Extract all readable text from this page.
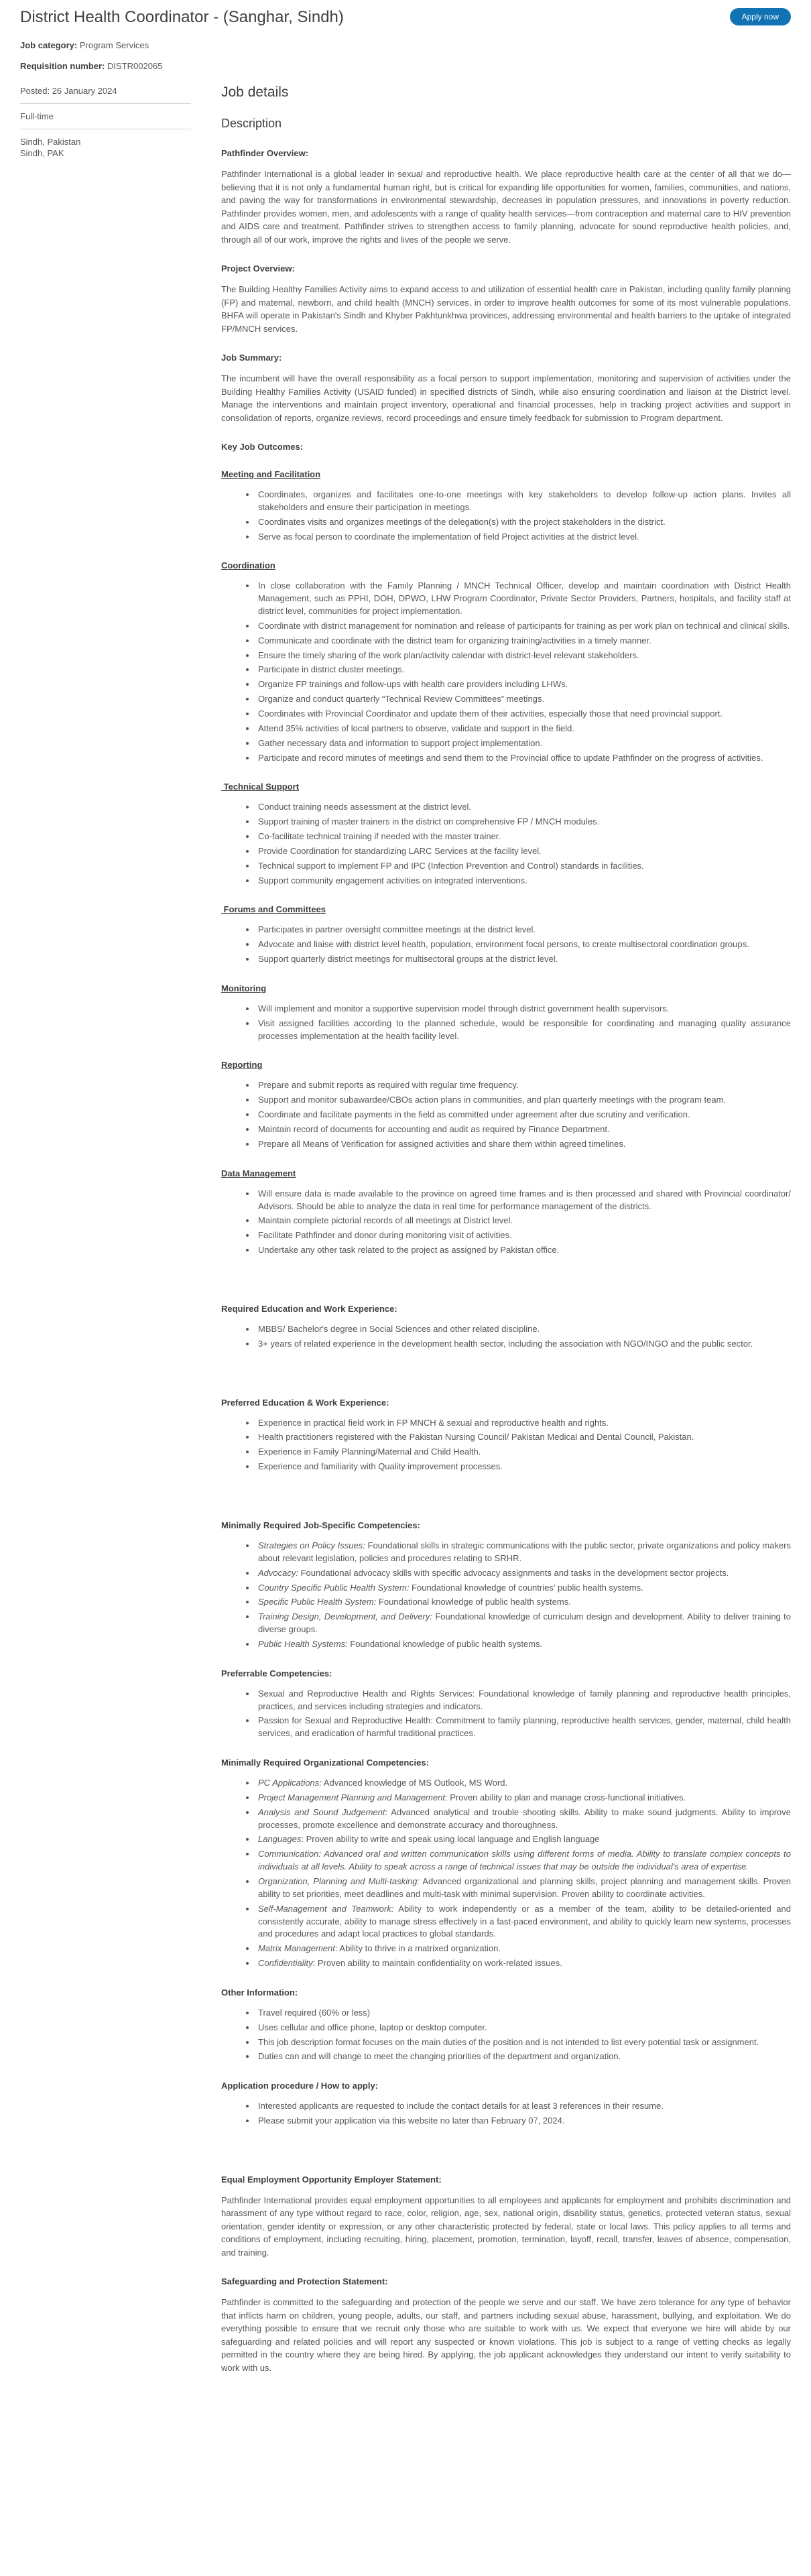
District Health Coordinator - (Sanghar, Sindh)	Apply now

Job category: Program Services

Requisition number: DISTR002065

Posted: 26 January 2024
Full-time
Sindh, Pakistan
Sindh, PAK
Job details
Description

Pathfinder Overview:

Pathfinder International is a global leader in sexual and reproductive health. We place reproductive health care at the center of all that we do—believing that it is not only a fundamental human right, but is critical for expanding life opportunities for women, families, communities, and nations, and paving the way for transformations in environmental stewardship, decreases in population pressures, and innovations in poverty reduction. Pathfinder provides women, men, and adolescents with a range of quality health services—from contraception and maternal care to HIV prevention and AIDS care and treatment. Pathfinder strives to strengthen access to family planning, advocate for sound reproductive health policies, and, through all of our work, improve the rights and lives of the people we serve.

Project Overview:

The Building Healthy Families Activity aims to expand access to and utilization of essential health care in Pakistan, including quality family planning (FP) and maternal, newborn, and child health (MNCH) services, in order to improve health outcomes for some of its most vulnerable populations. BHFA will operate in Pakistan's Sindh and Khyber Pakhtunkhwa provinces, addressing environmental and health barriers to the uptake of integrated FP/MNCH services.

Job Summary:

The incumbent will have the overall responsibility as a focal person to support implementation, monitoring and supervision of activities under the Building Healthy Families Activity (USAID funded) in specified districts of Sindh, while also ensuring coordination and liaison at the District level. Manage the interventions and maintain project inventory, operational and financial processes, help in tracking project activities and support in consolidation of reports, organize reviews, record proceedings and ensure timely feedback for submission to Program department.

Key Job Outcomes:

Meeting and Facilitation

• Coordinates, organizes and facilitates one-to-one meetings with key stakeholders to develop follow-up action plans. Invites all stakeholders and ensure their participation in meetings.
• Coordinates visits and organizes meetings of the delegation(s) with the project stakeholders in the district.
• Serve as focal person to coordinate the implementation of field Project activities at the district level.

Coordination

• In close collaboration with the Family Planning / MNCH Technical Officer, develop and maintain coordination with District Health Management, such as PPHI, DOH, DPWO, LHW Program Coordinator, Private Sector Providers, Partners, hospitals, and facility staff at district level, communities for project implementation.
• Coordinate with district management for nomination and release of participants for training as per work plan on technical and clinical skills.
• Communicate and coordinate with the district team for organizing training/activities in a timely manner.
• Ensure the timely sharing of the work plan/activity calendar with district-level relevant stakeholders.
• Participate in district cluster meetings.
• Organize FP trainings and follow-ups with health care providers including LHWs.
• Organize and conduct quarterly “Technical Review Committees” meetings.
• Coordinates with Provincial Coordinator and update them of their activities, especially those that need provincial support.
• Attend 35% activities of local partners to observe, validate and support in the field.
• Gather necessary data and information to support project implementation.
• Participate and record minutes of meetings and send them to the Provincial office to update Pathfinder on the progress of activities.

Technical Support

• Conduct training needs assessment at the district level.
• Support training of master trainers in the district on comprehensive FP / MNCH modules.
• Co-facilitate technical training if needed with the master trainer.
• Provide Coordination for standardizing LARC Services at the facility level.
• Technical support to implement FP and IPC (Infection Prevention and Control) standards in facilities.
• Support community engagement activities on integrated interventions.

Forums and Committees

• Participates in partner oversight committee meetings at the district level.
• Advocate and liaise with district level health, population, environment focal persons, to create multisectoral coordination groups.
• Support quarterly district meetings for multisectoral groups at the district level.

Monitoring

• Will implement and monitor a supportive supervision model through district government health supervisors.
• Visit assigned facilities according to the planned schedule, would be responsible for coordinating and managing quality assurance processes implementation at the health facility level.

Reporting

• Prepare and submit reports as required with regular time frequency.
• Support and monitor subawardee/CBOs action plans in communities, and plan quarterly meetings with the program team.
• Coordinate and facilitate payments in the field as committed under agreement after due scrutiny and verification.
• Maintain record of documents for accounting and audit as required by Finance Department.
• Prepare all Means of Verification for assigned activities and share them within agreed timelines.

Data Management

• Will ensure data is made available to the province on agreed time frames and is then processed and shared with Provincial coordinator/ Advisors. Should be able to analyze the data in real time for performance management of the districts.
• Maintain complete pictorial records of all meetings at District level.
• Facilitate Pathfinder and donor during monitoring visit of activities.
• Undertake any other task related to the project as assigned by Pakistan office.

Required Education and Work Experience:

• MBBS/ Bachelor's degree in Social Sciences and other related discipline.
• 3+ years of related experience in the development health sector, including the association with NGO/INGO and the public sector.

Preferred Education & Work Experience:

• Experience in practical field work in FP MNCH & sexual and reproductive health and rights.
• Health practitioners registered with the Pakistan Nursing Council/ Pakistan Medical and Dental Council, Pakistan.
• Experience in Family Planning/Maternal and Child Health.
• Experience and familiarity with Quality improvement processes.

Minimally Required Job-Specific Competencies:

• Strategies on Policy Issues: Foundational skills in strategic communications with the public sector, private organizations and policy makers about relevant legislation, policies and procedures relating to SRHR.
• Advocacy: Foundational advocacy skills with specific advocacy assignments and tasks in the development sector projects.
• Country Specific Public Health System: Foundational knowledge of countries’ public health systems.
• Specific Public Health System: Foundational knowledge of public health systems.
• Training Design, Development, and Delivery: Foundational knowledge of curriculum design and development. Ability to deliver training to diverse groups.
• Public Health Systems: Foundational knowledge of public health systems.

Preferrable Competencies:

• Sexual and Reproductive Health and Rights Services: Foundational knowledge of family planning and reproductive health principles, practices, and services including strategies and indicators.
• Passion for Sexual and Reproductive Health: Commitment to family planning, reproductive health services, gender, maternal, child health services, and eradication of harmful traditional practices.

Minimally Required Organizational Competencies:

• PC Applications: Advanced knowledge of MS Outlook, MS Word.
• Project Management Planning and Management: Proven ability to plan and manage cross-functional initiatives.
• Analysis and Sound Judgement: Advanced analytical and trouble shooting skills. Ability to make sound judgments. Ability to improve processes, promote excellence and demonstrate accuracy and thoroughness.
• Languages: Proven ability to write and speak using local language and English language
• Communication: Advanced oral and written communication skills using different forms of media. Ability to translate complex concepts to individuals at all levels. Ability to speak across a range of technical issues that may be outside the individual's area of expertise.
• Organization, Planning and Multi-tasking: Advanced organizational and planning skills, project planning and management skills. Proven ability to set priorities, meet deadlines and multi-task with minimal supervision. Proven ability to coordinate activities.
• Self-Management and Teamwork: Ability to work independently or as a member of the team, ability to be detailed-oriented and consistently accurate, ability to manage stress effectively in a fast-paced environment, and ability to quickly learn new systems, processes and procedures and adapt local practices to global standards.
• Matrix Management: Ability to thrive in a matrixed organization.
• Confidentiality: Proven ability to maintain confidentiality on work-related issues.

Other Information:

• Travel required (60% or less)
• Uses cellular and office phone, laptop or desktop computer.
• This job description format focuses on the main duties of the position and is not intended to list every potential task or assignment.
• Duties can and will change to meet the changing priorities of the department and organization.

Application procedure / How to apply:

• Interested applicants are requested to include the contact details for at least 3 references in their resume.
• Please submit your application via this website no later than February 07, 2024.

Equal Employment Opportunity Employer Statement:

Pathfinder International provides equal employment opportunities to all employees and applicants for employment and prohibits discrimination and harassment of any type without regard to race, color, religion, age, sex, national origin, disability status, genetics, protected veteran status, sexual orientation, gender identity or expression, or any other characteristic protected by federal, state or local laws. This policy applies to all terms and conditions of employment, including recruiting, hiring, placement, promotion, termination, layoff, recall, transfer, leaves of absence, compensation, and training.

Safeguarding and Protection Statement:

Pathfinder is committed to the safeguarding and protection of the people we serve and our staff. We have zero tolerance for any type of behavior that inflicts harm on children, young people, adults, our staff, and partners including sexual abuse, harassment, bullying, and exploitation. We do everything possible to ensure that we recruit only those who are suitable to work with us. We expect that everyone we hire will abide by our safeguarding and related policies and will report any suspected or known violations. This job is subject to a range of vetting checks as legally permitted in the country where they are being hired. By applying, the job applicant acknowledges they understand our intent to verify suitability to work with us.
